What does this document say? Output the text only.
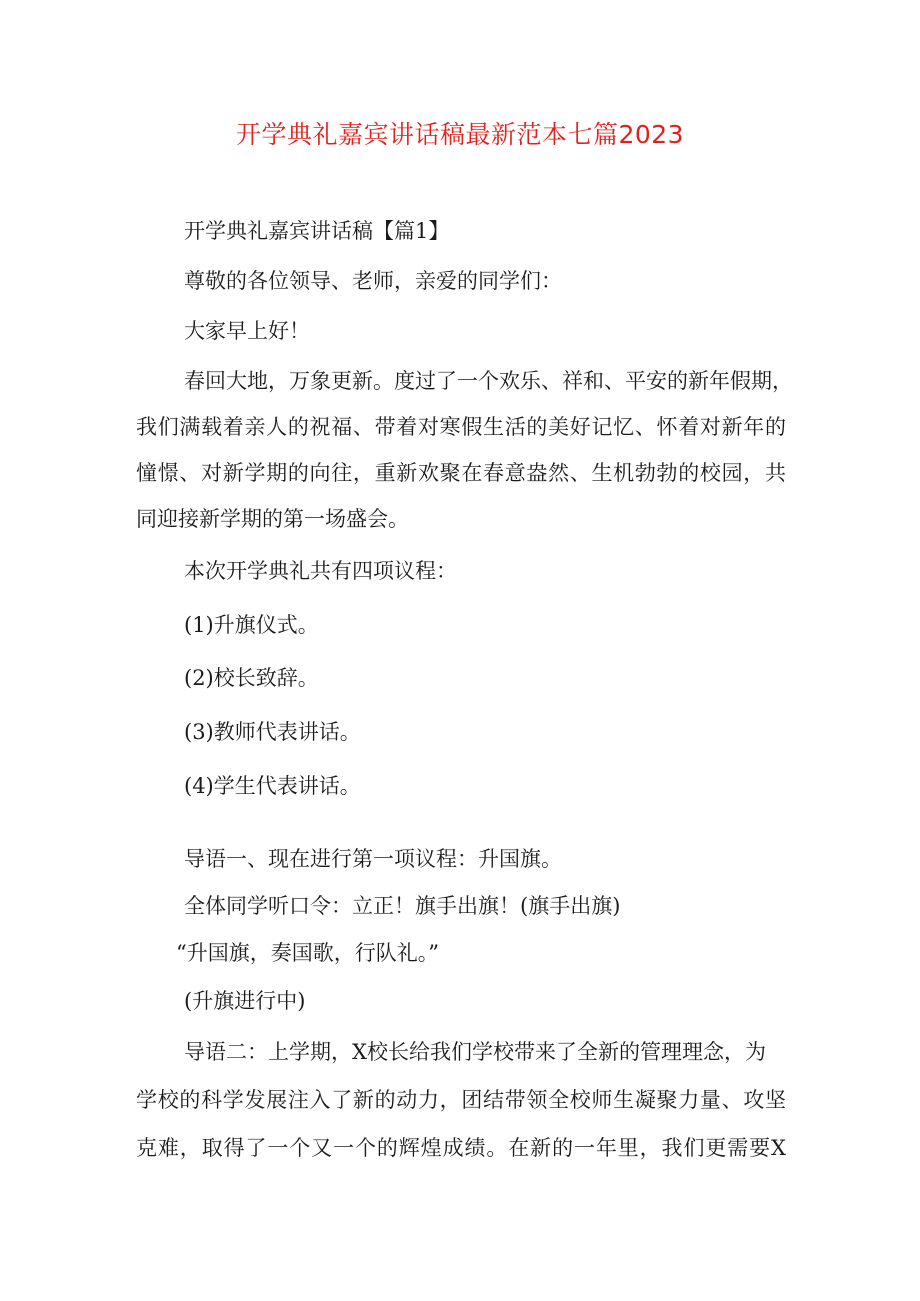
开学典礼嘉宾讲话稿最新范本七篇2023

开学典礼嘉宾讲话稿【篇1】

尊敬的各位领导、老师，亲爱的同学们：

大家早上好！

春回大地，万象更新。度过了一个欢乐、祥和、平安的新年假期，

我们满载着亲人的祝福、带着对寒假生活的美好记忆、怀着对新年的

憧憬、对新学期的向往，重新欢聚在春意盎然、生机勃勃的校园，共

同迎接新学期的第一场盛会。

本次开学典礼共有四项议程：

(1)升旗仪式。

(2)校长致辞。

(3)教师代表讲话。

(4)学生代表讲话。

导语一、现在进行第一项议程：升国旗。

全体同学听口令：立正！旗手出旗！(旗手出旗)

“升国旗，奏国歌，行队礼。”

(升旗进行中)

导语二：上学期，X校长给我们学校带来了全新的管理理念，为

学校的科学发展注入了新的动力，团结带领全校师生凝聚力量、攻坚

克难，取得了一个又一个的辉煌成绩。在新的一年里，我们更需要X
